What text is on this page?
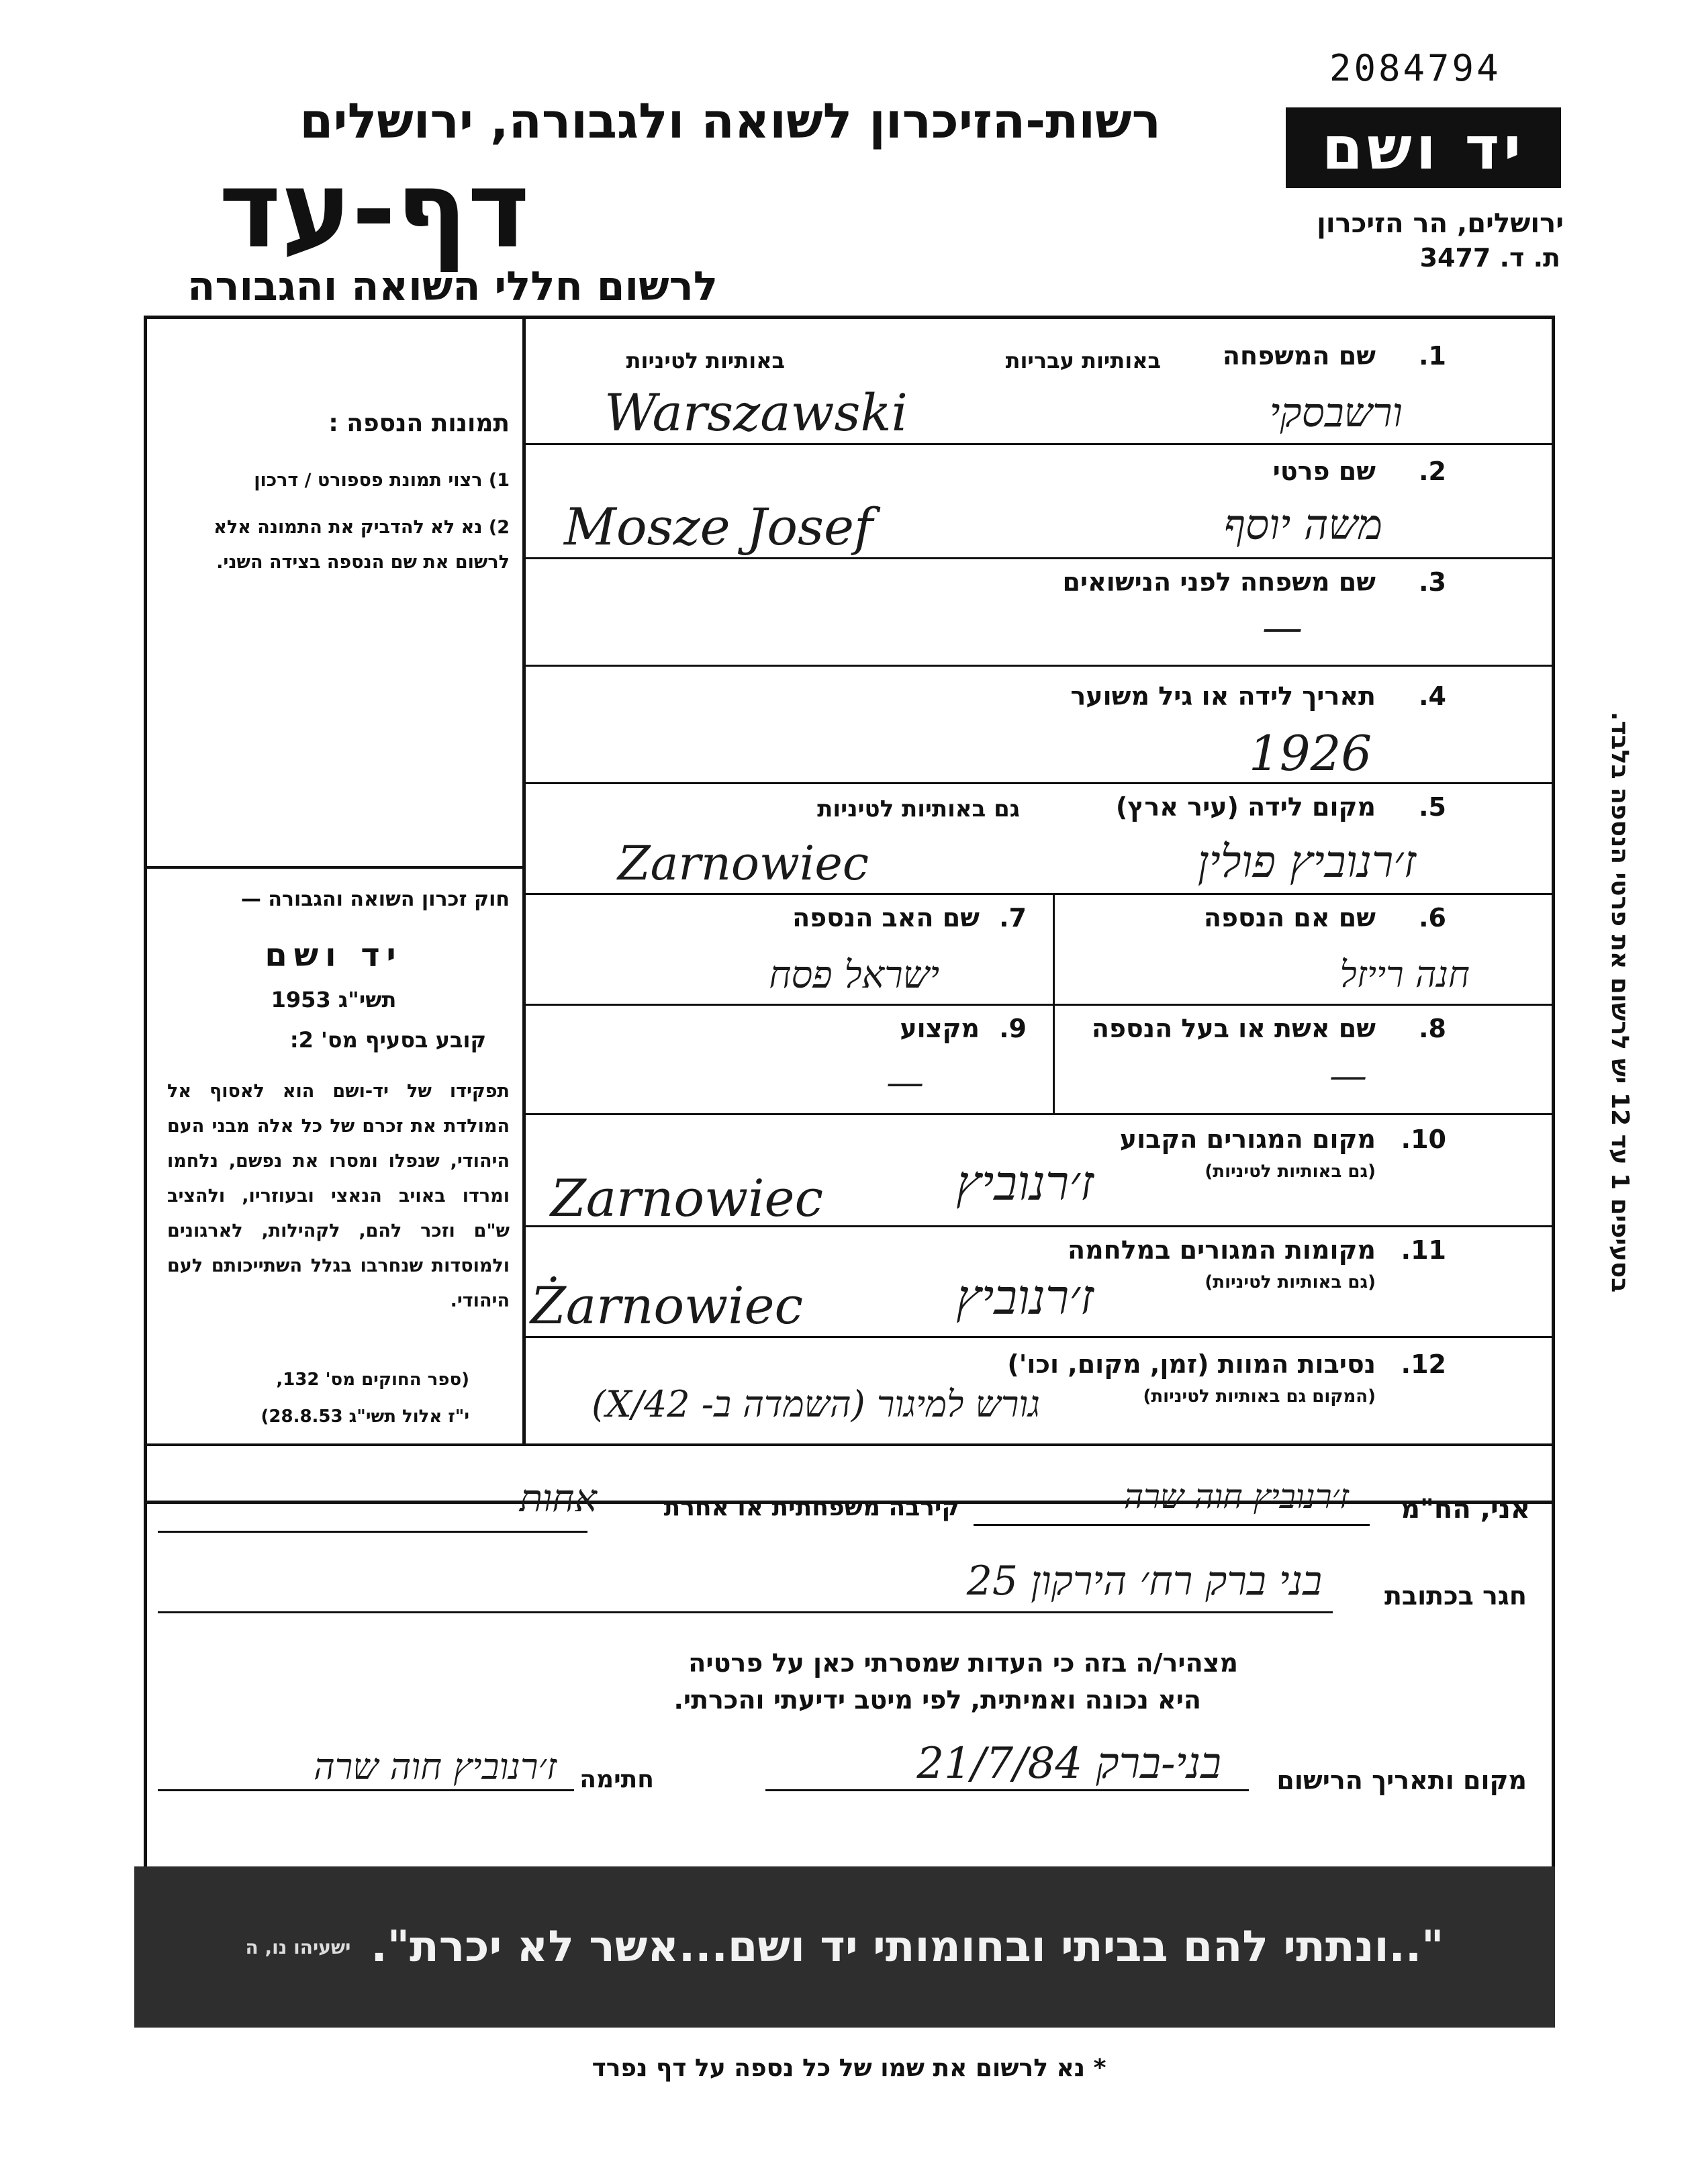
2084794
רשות-הזיכרון לשואה ולגבורה, ירושלים
דף-עד
לרשום חללי השואה והגבורה
יד ושם
ירושלים, הר הזיכרון
ת. ד. 3477
תמונות הנספה :
1) רצוי תמונת פספורט / דרכון
2) נא לא להדביק את התמונה אלא לרשום את שם הנספה בצידה השני.
חוק זכרון השואה והגבורה —
יד ושם
תשי"ג 1953
קובע בסעיף מס' 2:
תפקידו של יד-ושם הוא לאסוף אל המולדת את זכרם של כל אלה מבני העם היהודי, שנפלו ומסרו את נפשם, נלחמו ומרדו באויב הנאצי ובעוזריו, ולהציב ש"ם וזכר להם, לקהילות, לארגונים ולמוסדות שנחרבו בגלל השתייכותם לעם היהודי.
(ספר החוקים מס' 132,
י"ז אלול תשי"ג 28.8.53)
בסעיפים 1 עד 12 יש לרשום את פרטי הנספה בלבד.
1.
שם המשפחה
באותיות עבריות
באותיות לטיניות
Warszawski	ורשבסקי
2.
שם פרטי
Mosze Josef	משה יוסף
3.
שם משפחה לפני הנישואים
—
4.
תאריך לידה או גיל משוער
1926
5.
מקום לידה (עיר ארץ)
גם באותיות לטיניות
Zarnowiec	ז׳רנוביץ פולין
6.
שם אם הנספה
חנה רייזל
7.
שם האב הנספה
ישראל פסח
8.
שם אשת או בעל הנספה
—
9.
מקצוע
—
10.
מקום המגורים הקבוע
(גם באותיות לטיניות)
Zarnowiec	ז׳רנוביץ
11.
מקומות המגורים במלחמה
(גם באותיות לטיניות)
Żarnowiec	ז׳רנוביץ
12.
נסיבות המוות (זמן, מקום, וכו')
(המקום גם באותיות לטיניות)
גורש למיגור (השמדה ב- X/42)
אני, הח"מ
ז׳רנוביץ חוה שרה
קירבה משפחתית או אחרת
אחות
חגר בכתובת
בני ברק רח׳ הירקון 25
מצהיר/ה בזה כי העדות שמסרתי כאן על פרטיה
היא נכונה ואמיתית, לפי מיטב ידיעתי והכרתי.
מקום ותאריך הרישום
בני-ברק 21/7/84
חתימה
ז׳רנוביץ חוה שרה
"..ונתתי להם בביתי ובחומותי יד ושם...אשר לא יכרת".
ישעיהו נו, ה
* נא לרשום את שמו של כל נספה על דף נפרד
